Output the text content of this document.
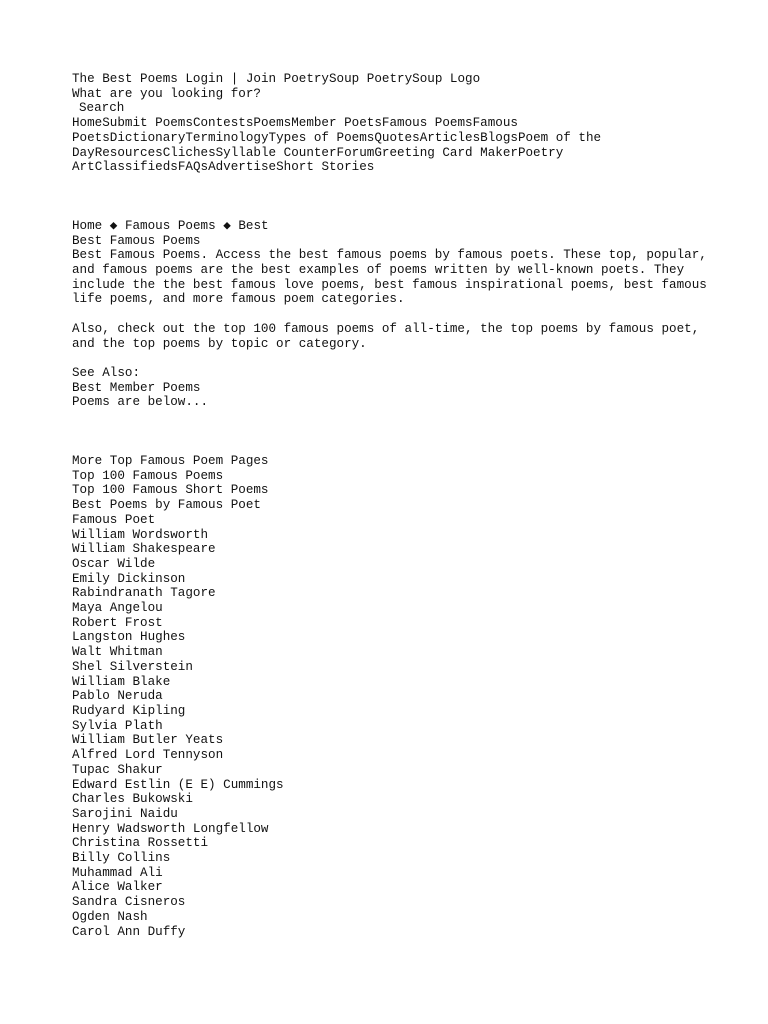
The Best Poems Login | Join PoetrySoup PoetrySoup Logo
What are you looking for?
Search
HomeSubmit PoemsContestsPoemsMember PoetsFamous PoemsFamous PoetsDictionaryTerminologyTypes of PoemsQuotesArticlesBlogsPoem of the DayResourcesClichesSyllable CounterForumGreeting Card MakerPoetry ArtClassifiedsFAQsAdvertiseShort Stories
Home ◆ Famous Poems ◆ Best
Best Famous Poems
Best Famous Poems. Access the best famous poems by famous poets. These top, popular, and famous poems are the best examples of poems written by well-known poets. They include the the best famous love poems, best famous inspirational poems, best famous life poems, and more famous poem categories.
Also, check out the top 100 famous poems of all-time, the top poems by famous poet, and the top poems by topic or category.
See Also:
Best Member Poems
Poems are below...
More Top Famous Poem Pages
Top 100 Famous Poems
Top 100 Famous Short Poems
Best Poems by Famous Poet
Famous Poet
William Wordsworth
William Shakespeare
Oscar Wilde
Emily Dickinson
Rabindranath Tagore
Maya Angelou
Robert Frost
Langston Hughes
Walt Whitman
Shel Silverstein
William Blake
Pablo Neruda
Rudyard Kipling
Sylvia Plath
William Butler Yeats
Alfred Lord Tennyson
Tupac Shakur
Edward Estlin (E E) Cummings
Charles Bukowski
Sarojini Naidu
Henry Wadsworth Longfellow
Christina Rossetti
Billy Collins
Muhammad Ali
Alice Walker
Sandra Cisneros
Ogden Nash
Carol Ann Duffy
